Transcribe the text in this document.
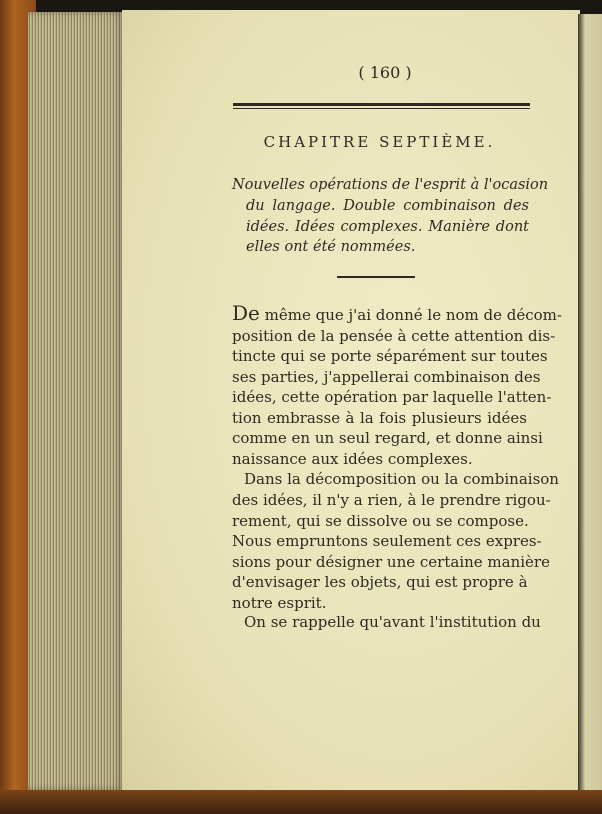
( 160 )
CHAPITRE SEPTIÈME.
Nouvelles opérations de l'esprit à l'ocasion
du langage. Double combinaison des
idées. Idées complexes. Manière dont
elles ont été nommées.
De même que j'ai donné le nom de décom-
position de la pensée à cette attention dis-
tincte qui se porte séparément sur toutes
ses parties, j'appellerai combinaison des
idées, cette opération par laquelle l'atten-
tion embrasse à la fois plusieurs idées
comme en un seul regard, et donne ainsi
naissance aux idées complexes.
Dans la décomposition ou la combinaison
des idées, il n'y a rien, à le prendre rigou-
rement, qui se dissolve ou se compose.
Nous empruntons seulement ces expres-
sions pour désigner une certaine manière
d'envisager les objets, qui est propre à
notre esprit.
On se rappelle qu'avant l'institution du
